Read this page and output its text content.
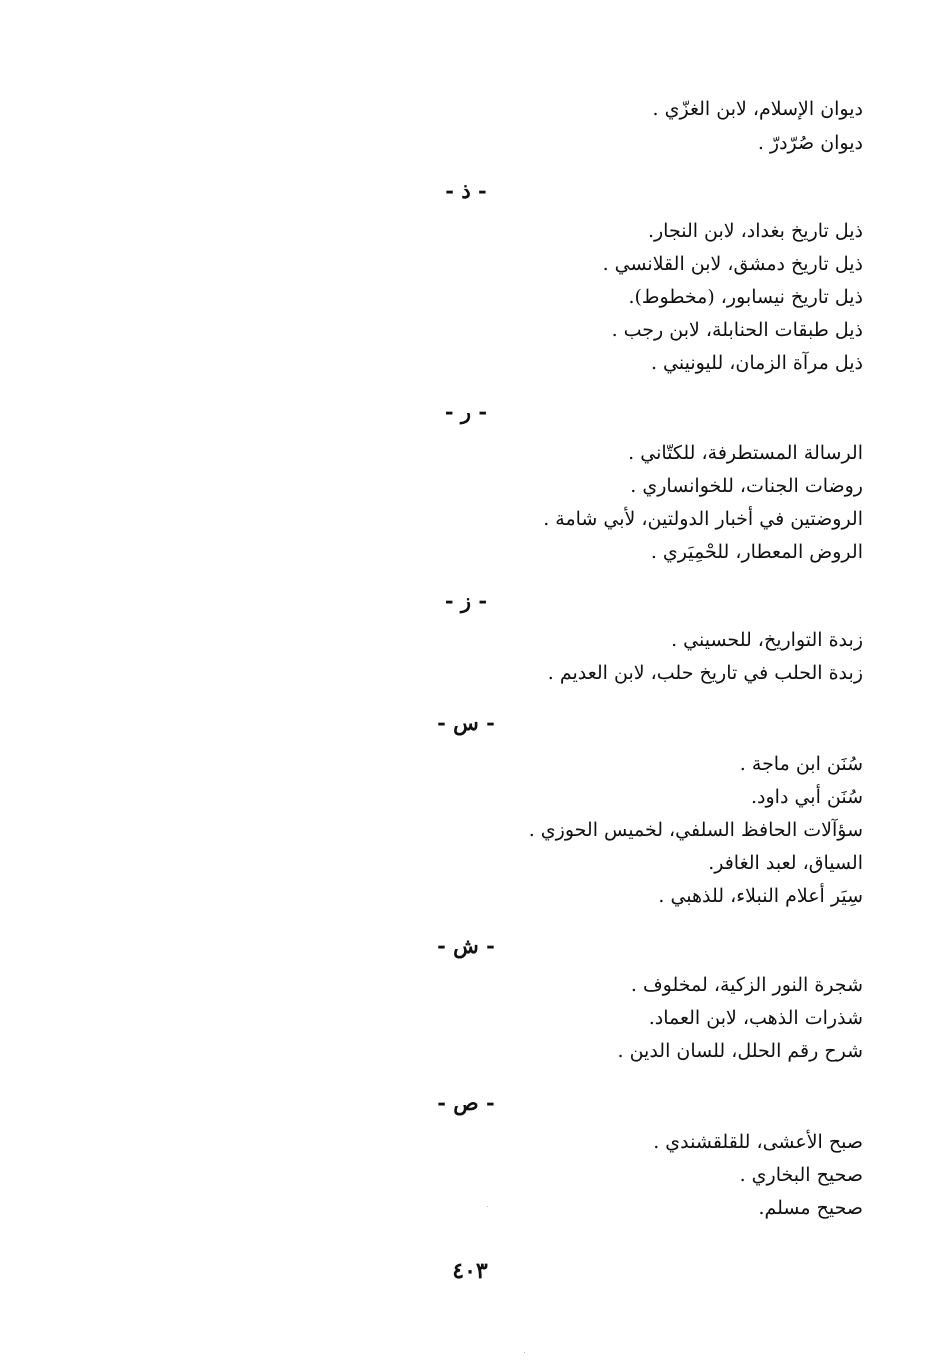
ديوان الإسلام، لابن الغزّي .
ديوان صُرّدرّ .
- ذ -
ذيل تاريخ بغداد، لابن النجار.
ذيل تاريخ دمشق، لابن القلانسي .
ذيل تاريخ نيسابور، (مخطوط).
ذيل طبقات الحنابلة، لابن رجب .
ذيل مرآة الزمان، لليونيني .
- ر -
الرسالة المستطرفة، للكتّاني .
روضات الجنات، للخوانساري .
الروضتين في أخبار الدولتين، لأبي شامة .
الروض المعطار، للحْمِيَري .
- ز -
زبدة التواريخ، للحسيني .
زبدة الحلب في تاريخ حلب، لابن العديم .
- س -
سُنَن ابن ماجة .
سُنَن أبي داود.
سؤآلات الحافظ السلفي، لخميس الحوزي .
السياق، لعبد الغافر.
سِيَر أعلام النبلاء، للذهبي .
- ش -
شجرة النور الزكية، لمخلوف .
شذرات الذهب، لابن العماد.
شرح رقم الحلل، للسان الدين .
- ص -
صبح الأعشى، للقلقشندي .
صحيح البخاري .
صحيح مسلم.
٤٠٣
